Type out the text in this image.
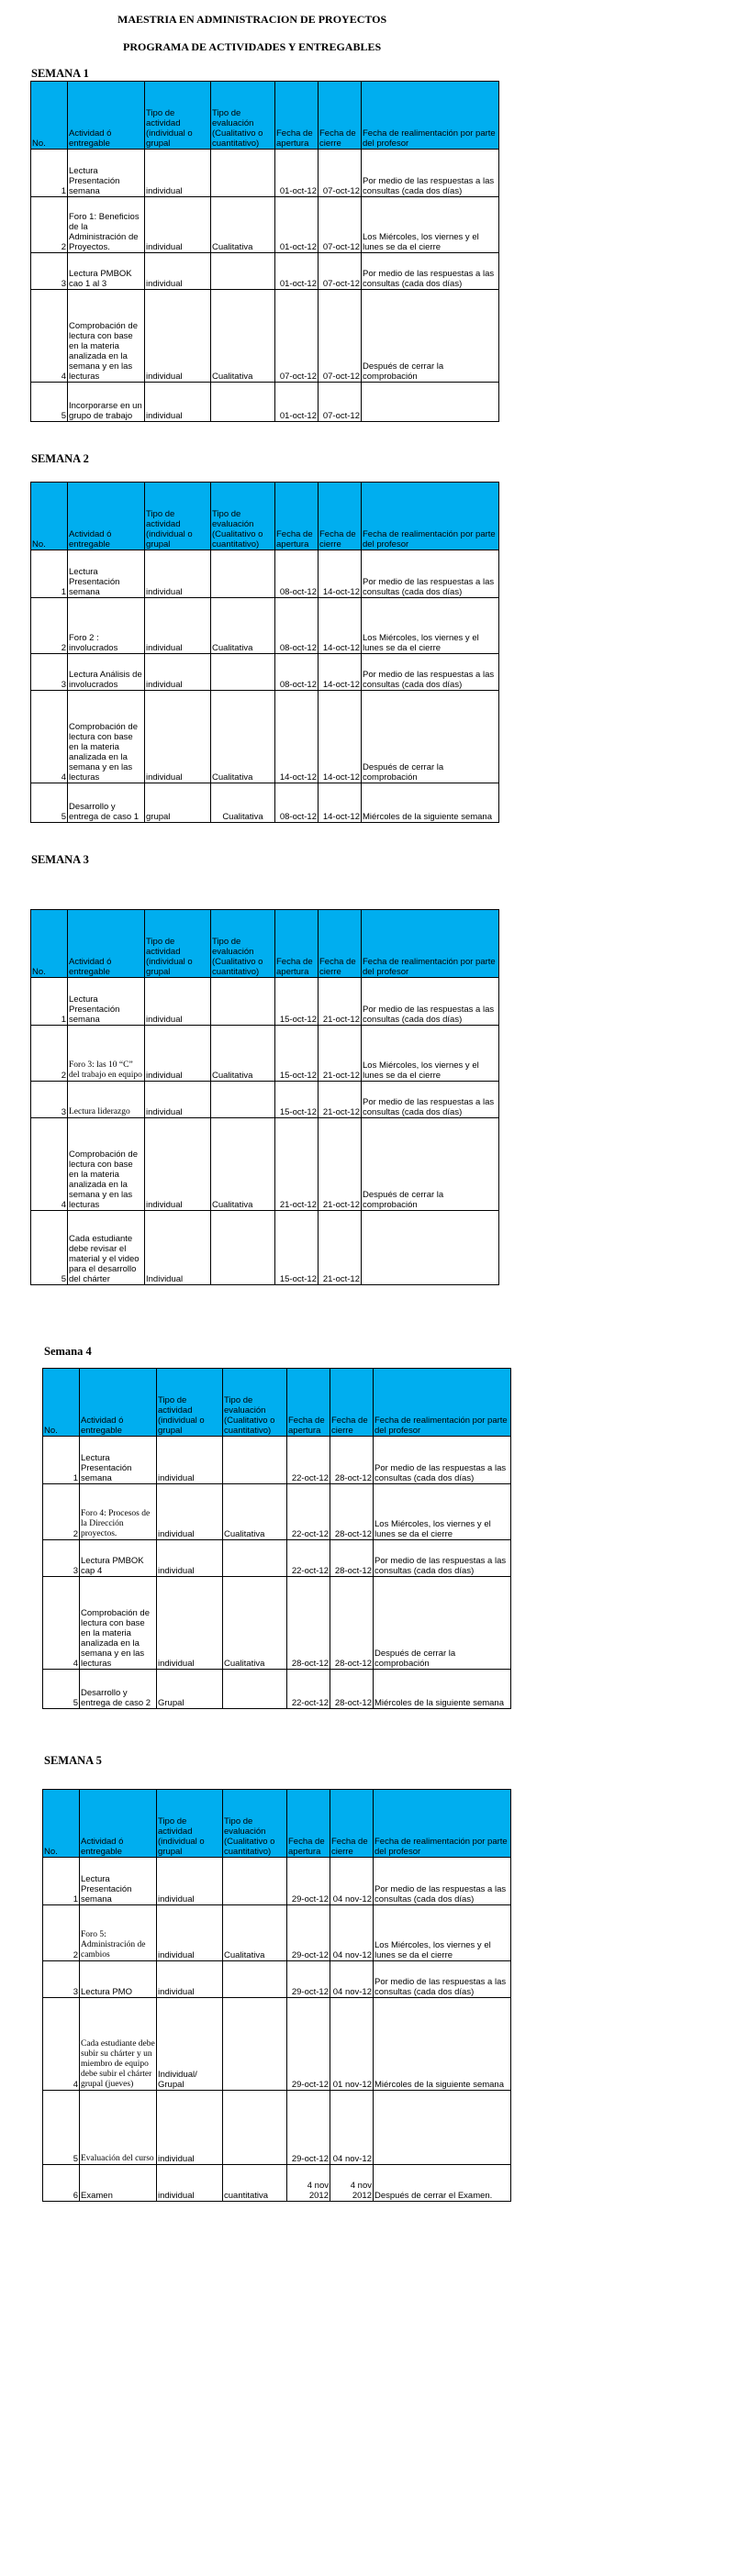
MAESTRIA EN ADMINISTRACION DE PROYECTOS
PROGRAMA DE ACTIVIDADES Y ENTREGABLES
SEMANA 1
SEMANA 2
SEMANA 3
Semana 4
SEMANA 5
No.	Actividad ó entregable	Tipo de actividad (individual o grupal	Tipo de evaluación (Cualitativo o cuantitativo)	Fecha de apertura	Fecha de cierre	Fecha de realimentación por parte del profesor
1	Lectura Presentación semana	individual		01-oct-12	07-oct-12	Por medio de las respuestas a las consultas (cada dos días)
2	Foro 1: Beneficios de la Administración de Proyectos.	individual	Cualitativa	01-oct-12	07-oct-12	Los Miércoles, los viernes y el lunes se da el cierre
3	Lectura PMBOK cao 1 al 3	individual		01-oct-12	07-oct-12	Por medio de las respuestas a las consultas (cada dos días)
4	Comprobación de lectura con base en la materia analizada en la semana y en las lecturas	individual	Cualitativa	07-oct-12	07-oct-12	Después de cerrar la comprobación
5	Incorporarse en un grupo de trabajo	individual		01-oct-12	07-oct-12	
No.	Actividad ó entregable	Tipo de actividad (individual o grupal	Tipo de evaluación (Cualitativo o cuantitativo)	Fecha de apertura	Fecha de cierre	Fecha de realimentación por parte del profesor
1	Lectura Presentación semana	individual		08-oct-12	14-oct-12	Por medio de las respuestas a las consultas (cada dos días)
2	Foro 2 : involucrados	individual	Cualitativa	08-oct-12	14-oct-12	Los Miércoles, los viernes y el lunes se da el cierre
3	Lectura Análisis de involucrados	individual		08-oct-12	14-oct-12	Por medio de las respuestas a las consultas (cada dos días)
4	Comprobación de lectura con base en la materia analizada en la semana y en las lecturas	individual	Cualitativa	14-oct-12	14-oct-12	Después de cerrar la comprobación
5	Desarrollo y entrega de caso 1	grupal	Cualitativa	08-oct-12	14-oct-12	Miércoles de la siguiente semana
No.	Actividad ó entregable	Tipo de actividad (individual o grupal	Tipo de evaluación (Cualitativo o cuantitativo)	Fecha de apertura	Fecha de cierre	Fecha de realimentación por parte del profesor
1	Lectura Presentación semana	individual		15-oct-12	21-oct-12	Por medio de las respuestas a las consultas (cada dos días)
2	Foro 3: las 10 “C” del trabajo en equipo	individual	Cualitativa	15-oct-12	21-oct-12	Los Miércoles, los viernes y el lunes se da el cierre
3	Lectura liderazgo	individual		15-oct-12	21-oct-12	Por medio de las respuestas a las consultas (cada dos días)
4	Comprobación de lectura con base en la materia analizada en la semana y en las lecturas	individual	Cualitativa	21-oct-12	21-oct-12	Después de cerrar la comprobación
5	Cada estudiante debe revisar el material y el video para el desarrollo del chárter	Individual		15-oct-12	21-oct-12	
No.	Actividad ó entregable	Tipo de actividad (individual o grupal	Tipo de evaluación (Cualitativo o cuantitativo)	Fecha de apertura	Fecha de cierre	Fecha de realimentación por parte del profesor
1	Lectura Presentación semana	individual		22-oct-12	28-oct-12	Por medio de las respuestas a las consultas (cada dos días)
2	Foro 4: Procesos de la Dirección proyectos.	individual	Cualitativa	22-oct-12	28-oct-12	Los Miércoles, los viernes y el lunes se da el cierre
3	Lectura PMBOK cap 4	individual		22-oct-12	28-oct-12	Por medio de las respuestas a las consultas (cada dos días)
4	Comprobación de lectura con base en la materia analizada en la semana y en las lecturas	individual	Cualitativa	28-oct-12	28-oct-12	Después de cerrar la comprobación
5	Desarrollo y entrega de caso 2	Grupal		22-oct-12	28-oct-12	Miércoles de la siguiente semana
No.	Actividad ó entregable	Tipo de actividad (individual o grupal	Tipo de evaluación (Cualitativo o cuantitativo)	Fecha de apertura	Fecha de cierre	Fecha de realimentación por parte del profesor
1	Lectura Presentación semana	individual		29-oct-12	04 nov-12	Por medio de las respuestas a las consultas (cada dos días)
2	Foro 5: Administración de cambios	individual	Cualitativa	29-oct-12	04 nov-12	Los Miércoles, los viernes y el lunes se da el cierre
3	Lectura PMO	individual		29-oct-12	04 nov-12	Por medio de las respuestas a las consultas (cada dos días)
4	Cada estudiante debe subir su chárter y un miembro de equipo debe subir el chárter grupal (jueves)	Individual/ Grupal		29-oct-12	01 nov-12	Miércoles de la siguiente semana
5	Evaluación del curso	individual		29-oct-12	04 nov-12	
6	Examen	individual	cuantitativa	4 nov 2012	4 nov 2012	Después de cerrar el Examen.
